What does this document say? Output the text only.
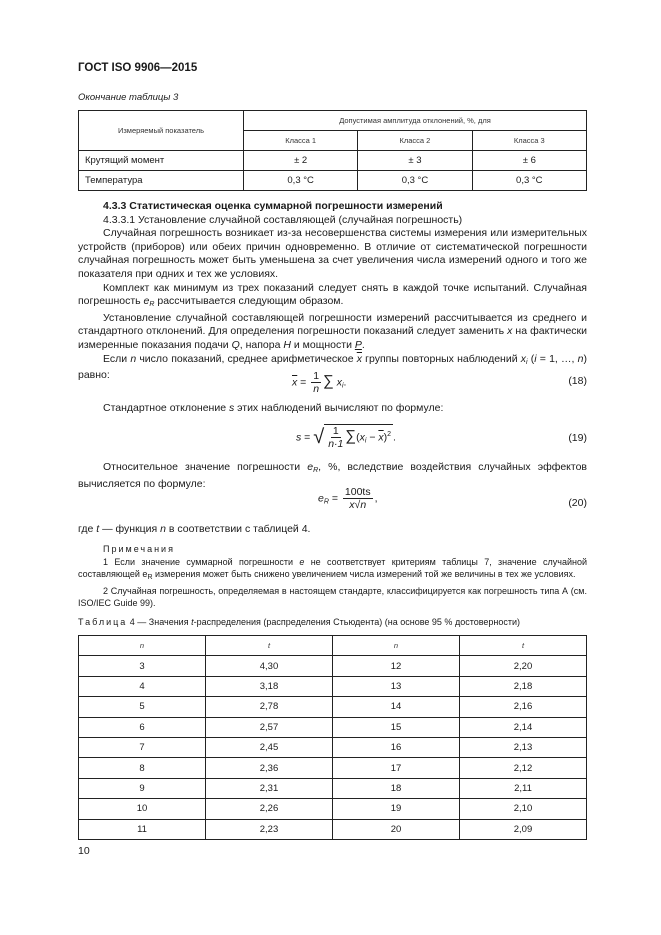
ГОСТ ISO 9906—2015
Окончание таблицы 3
Измеряемый показатель	Допустимая амплитуда отклонений, %, для		
	Класса 1	Класса 2	Класса 3
Крутящий момент	± 2	± 3	± 6
Температура	0,3 °С	0,3 °С	0,3 °С
4.3.3 Статистическая оценка суммарной погрешности измерений
4.3.3.1 Установление случайной составляющей (случайная погрешность)
Случайная погрешность возникает из-за несовершенства системы измерения или измерительных устройств (приборов) или обеих причин одновременно. В отличие от систематической погрешности случайная погрешность может быть уменьшена за счет увеличения числа измерений одного и того же показателя при одних и тех же условиях.
Комплект как минимум из трех показаний следует снять в каждой точке испытаний. Случайная погрешность $e_R$ рассчитывается следующим образом.
Установление случайной составляющей погрешности измерений рассчитывается из среднего и стандартного отклонений. Для определения погрешности показаний следует заменить x на фактически измеренные показания подачи Q, напора H и мощности P.
Если n число показаний, среднее арифметическое $\overline{x}$ группы повторных наблюдений $x_i$ (i = 1, …, n) равно:
$\overline{x} = \frac{1}{n}$ ∑ $x_i$.	(18)
Стандартное отклонение s этих наблюдений вычисляют по формуле:
s = √ $\frac{1}{n\cdot 1} \sum(x_i - \overline{x})^2$ .	(19)
Относительное значение погрешности $e_R$, %, вследствие воздействия случайных эффектов вычисляется по формуле:
$e_R = \frac{100ts}{x√n}$ ,	(20)
где t — функция n в соответствии с таблицей 4.
Примечания
1 Если значение суммарной погрешности e не соответствует критериям таблицы 7, значение случайной составляющей $e_R$ измерения может быть снижено увеличением числа измерений той же величины в тех же условиях.
2 Случайная погрешность, определяемая в настоящем стандарте, классифицируется как погрешность типа А (см. ISO/IEC Guide 99).
Таблица 4 — Значения t-распределения (распределения Стьюдента) (на основе 95 % достоверности)
n	t	n	t
3	4,30	12	2,20
4	3,18	13	2,18
5	2,78	14	2,16
6	2,57	15	2,14
7	2,45	16	2,13
8	2,36	17	2,12
9	2,31	18	2,11
10	2,26	19	2,10
11	2,23	20	2,09
10
